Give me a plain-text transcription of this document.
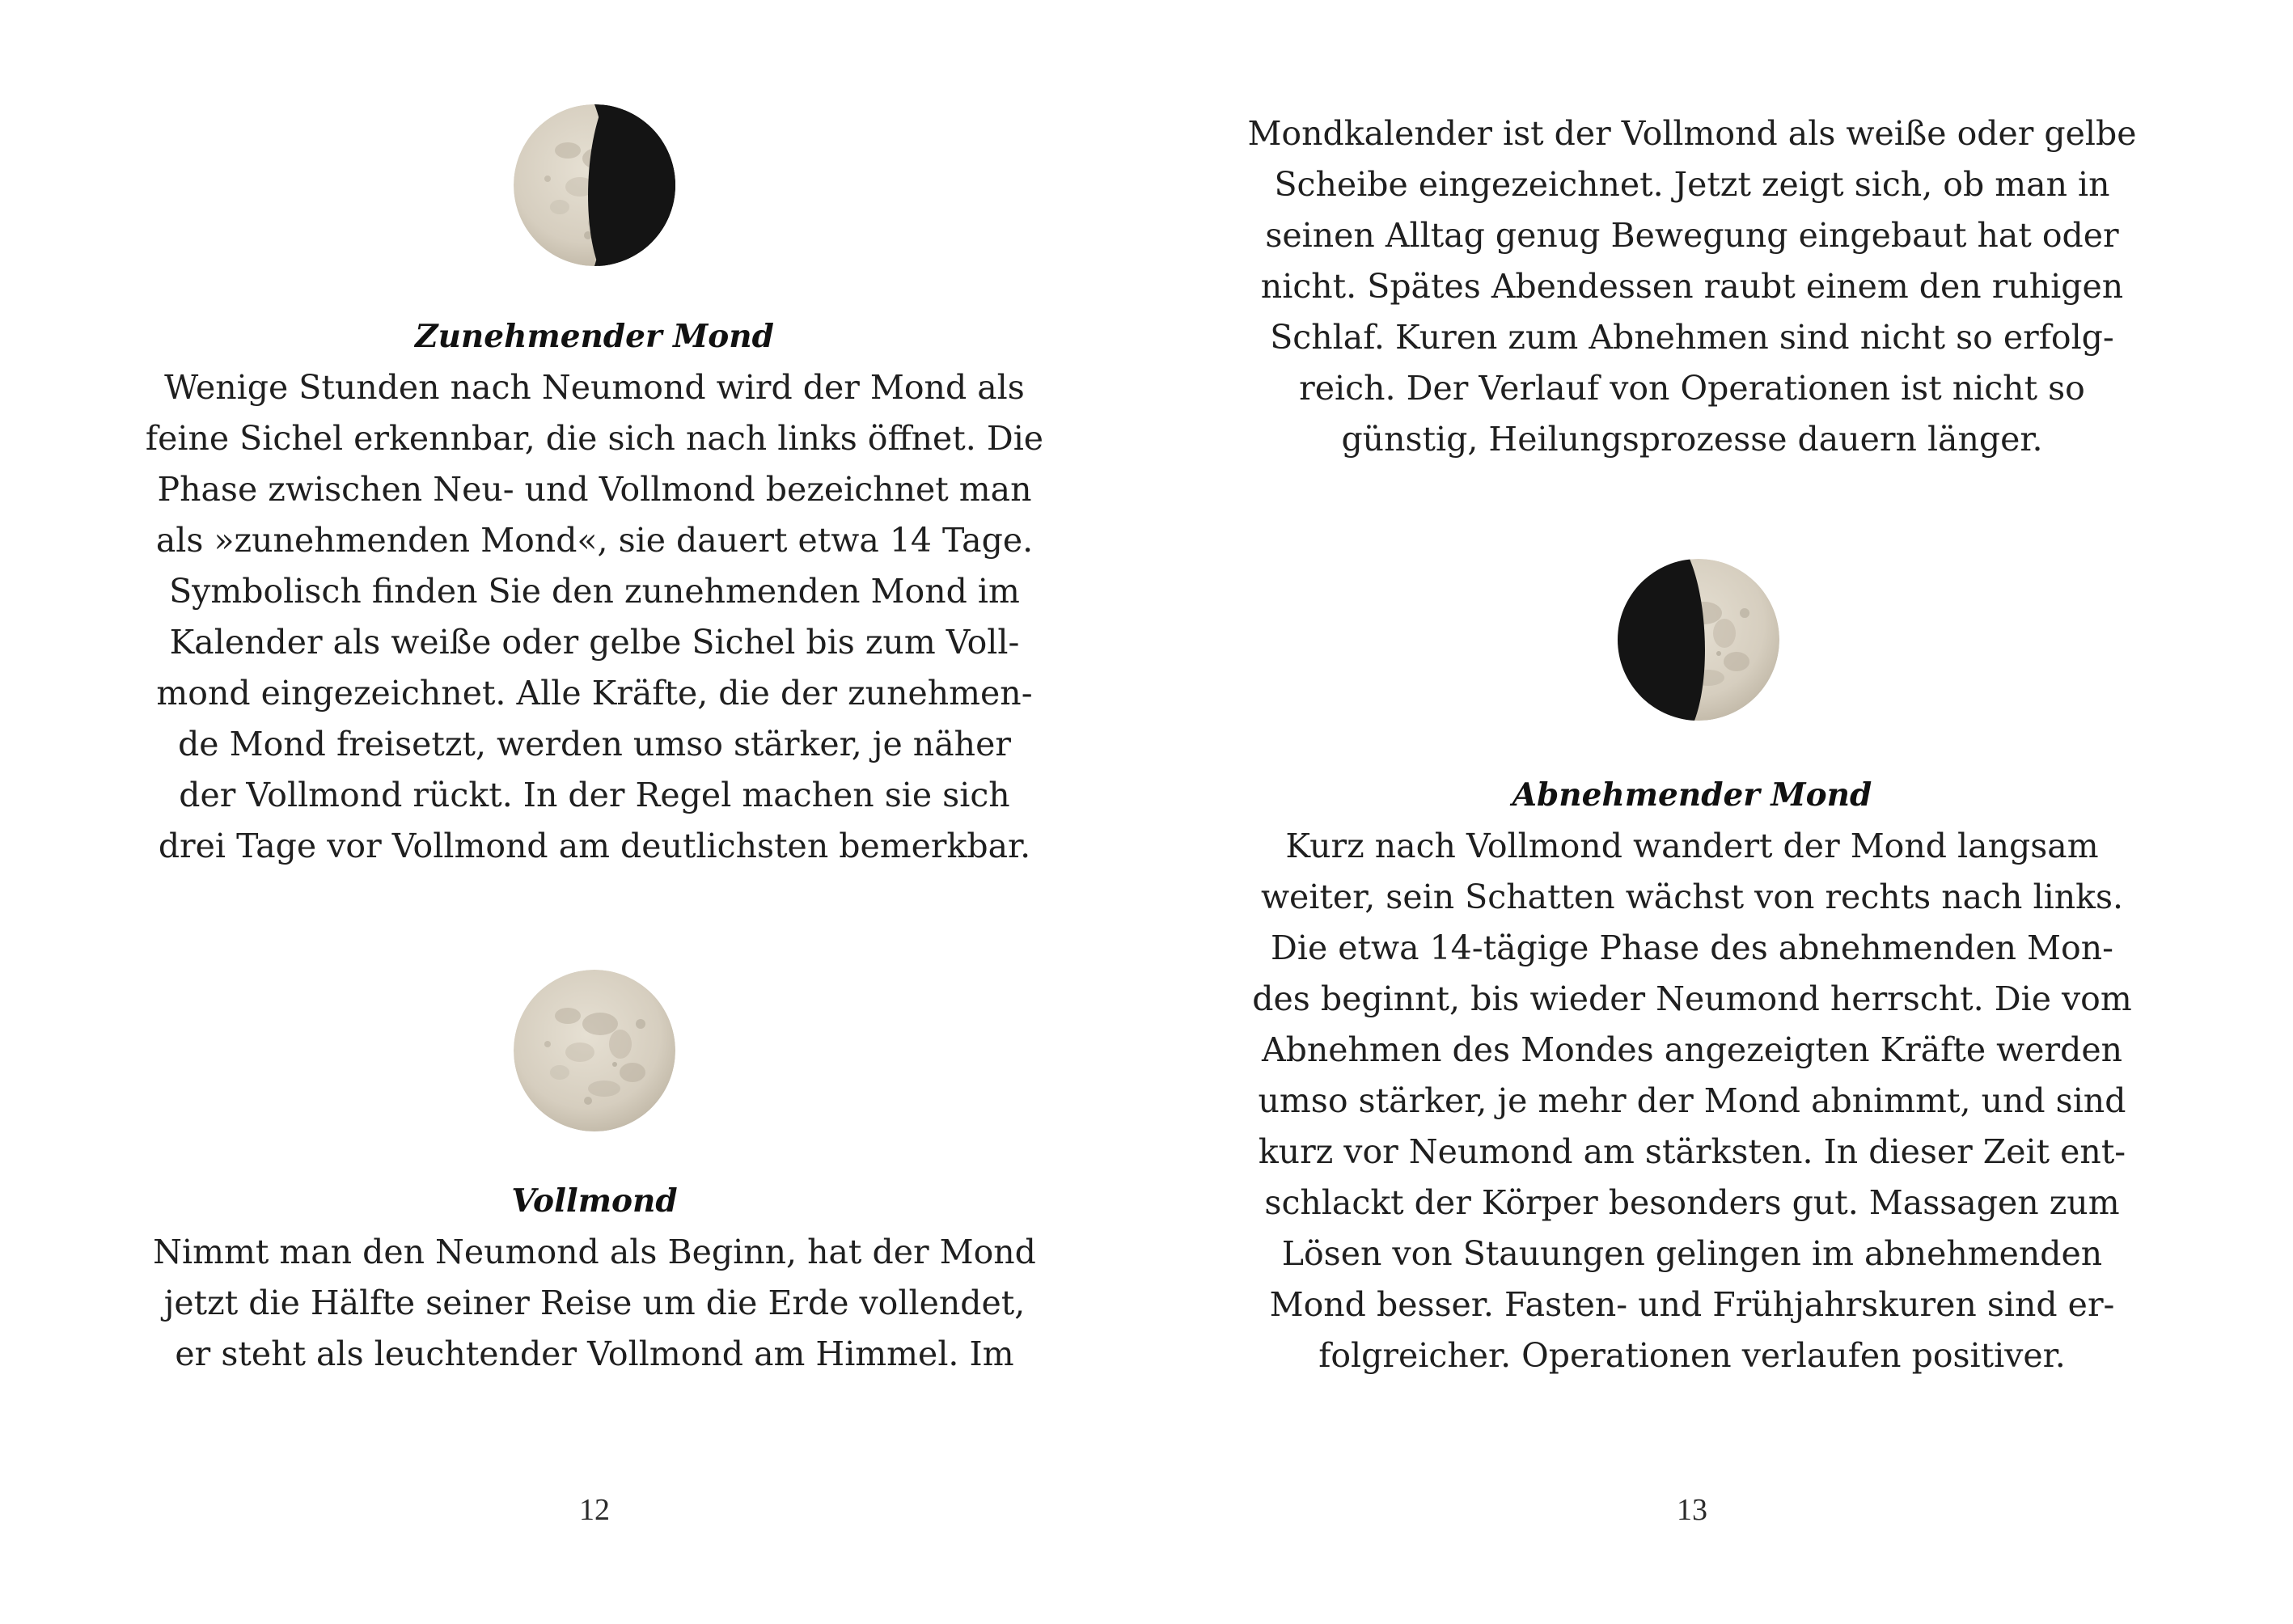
Zunehmender Mond
Wenige Stunden nach Neumond wird der Mond als
feine Sichel erkennbar, die sich nach links öffnet. Die
Phase zwischen Neu- und Vollmond bezeichnet man
als »zunehmenden Mond«, sie dauert etwa 14 Tage.
Symbolisch finden Sie den zunehmenden Mond im
Kalender als weiße oder gelbe Sichel bis zum Voll-
mond eingezeichnet. Alle Kräfte, die der zunehmen-
de Mond freisetzt, werden umso stärker, je näher
der Vollmond rückt. In der Regel machen sie sich
drei Tage vor Vollmond am deutlichsten bemerkbar.
Vollmond
Nimmt man den Neumond als Beginn, hat der Mond
jetzt die Hälfte seiner Reise um die Erde vollendet,
er steht als leuchtender Vollmond am Himmel. Im
12
Mondkalender ist der Vollmond als weiße oder gelbe
Scheibe eingezeichnet. Jetzt zeigt sich, ob man in
seinen Alltag genug Bewegung eingebaut hat oder
nicht. Spätes Abendessen raubt einem den ruhigen
Schlaf. Kuren zum Abnehmen sind nicht so erfolg-
reich. Der Verlauf von Operationen ist nicht so
günstig, Heilungsprozesse dauern länger.
Abnehmender Mond
Kurz nach Vollmond wandert der Mond langsam
weiter, sein Schatten wächst von rechts nach links.
Die etwa 14-tägige Phase des abnehmenden Mon-
des beginnt, bis wieder Neumond herrscht. Die vom
Abnehmen des Mondes angezeigten Kräfte werden
umso stärker, je mehr der Mond abnimmt, und sind
kurz vor Neumond am stärksten. In dieser Zeit ent-
schlackt der Körper besonders gut. Massagen zum
Lösen von Stauungen gelingen im abnehmenden
Mond besser. Fasten- und Frühjahrskuren sind er-
folgreicher. Operationen verlaufen positiver.
13
